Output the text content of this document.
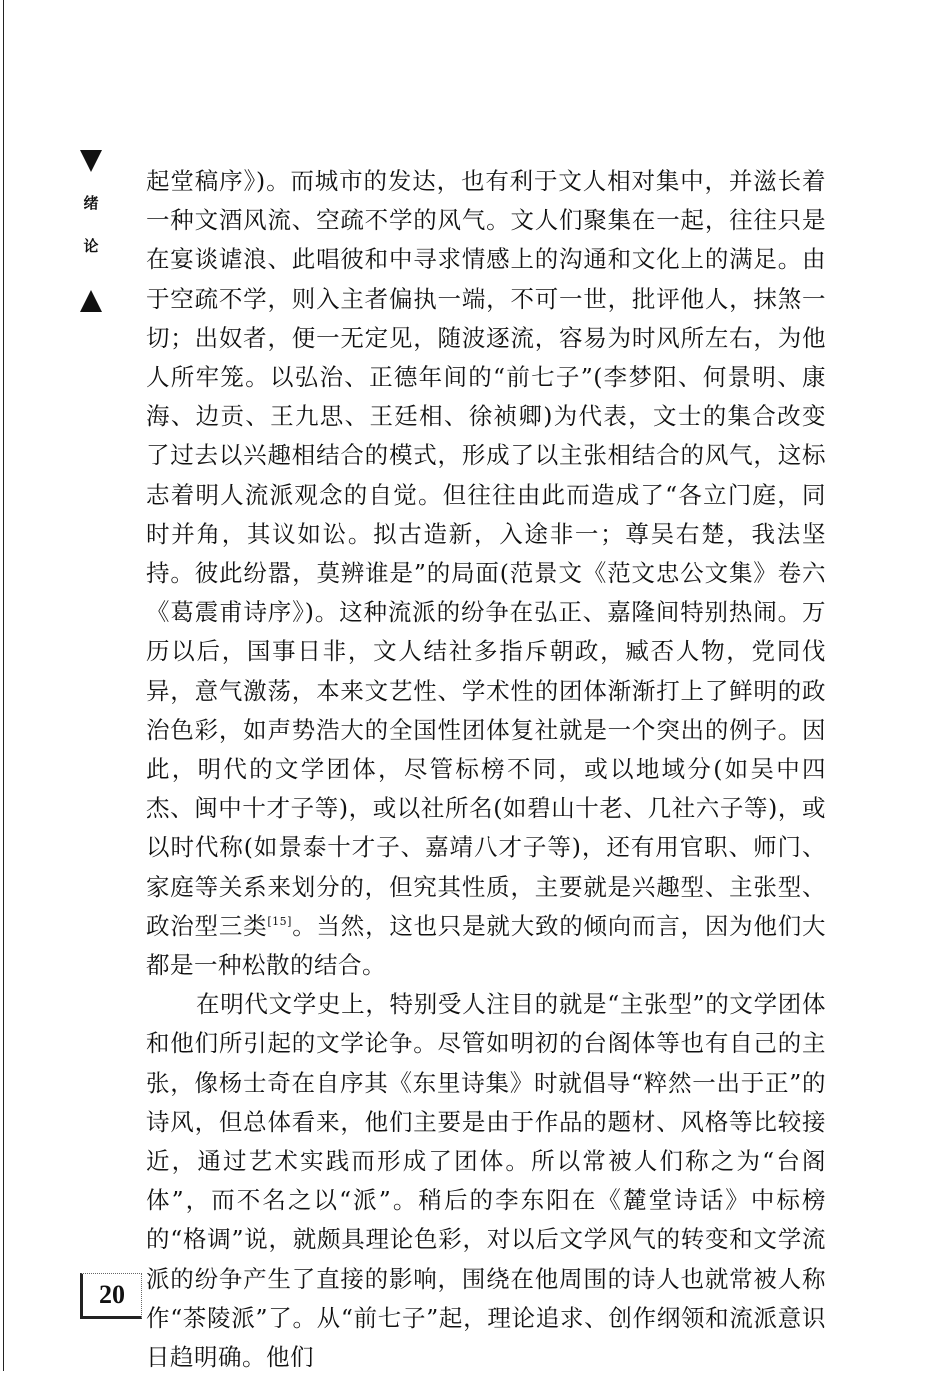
绪
论

起堂稿序》)。而城市的发达，也有利于文人相对集中，并滋长着一种文酒风流、空疏不学的风气。文人们聚集在一起，往往只是在宴谈谑浪、此唱彼和中寻求情感上的沟通和文化上的满足。由于空疏不学，则入主者偏执一端，不可一世，批评他人，抹煞一切；出奴者，便一无定见，随波逐流，容易为时风所左右，为他人所牢笼。以弘治、正德年间的“前七子”(李梦阳、何景明、康海、边贡、王九思、王廷相、徐祯卿)为代表，文士的集合改变了过去以兴趣相结合的模式，形成了以主张相结合的风气，这标志着明人流派观念的自觉。但往往由此而造成了“各立门庭，同时并角，其议如讼。拟古造新，入途非一；尊吴右楚，我法坚持。彼此纷嚣，莫辨谁是”的局面(范景文《范文忠公文集》卷六《葛震甫诗序》)。这种流派的纷争在弘正、嘉隆间特别热闹。万历以后，国事日非，文人结社多指斥朝政，臧否人物，党同伐异，意气激荡，本来文艺性、学术性的团体渐渐打上了鲜明的政治色彩，如声势浩大的全国性团体复社就是一个突出的例子。因此，明代的文学团体，尽管标榜不同，或以地域分(如吴中四杰、闽中十才子等)，或以社所名(如碧山十老、几社六子等)，或以时代称(如景泰十才子、嘉靖八才子等)，还有用官职、师门、家庭等关系来划分的，但究其性质，主要就是兴趣型、主张型、政治型三类[15]。当然，这也只是就大致的倾向而言，因为他们大都是一种松散的结合。

在明代文学史上，特别受人注目的就是“主张型”的文学团体和他们所引起的文学论争。尽管如明初的台阁体等也有自己的主张，像杨士奇在自序其《东里诗集》时就倡导“粹然一出于正”的诗风，但总体看来，他们主要是由于作品的题材、风格等比较接近，通过艺术实践而形成了团体。所以常被人们称之为“台阁体”，而不名之以“派”。稍后的李东阳在《麓堂诗话》中标榜的“格调”说，就颇具理论色彩，对以后文学风气的转变和文学流派的纷争产生了直接的影响，围绕在他周围的诗人也就常被人称作“茶陵派”了。从“前七子”起，理论追求、创作纲领和流派意识日趋明确。他们

20
